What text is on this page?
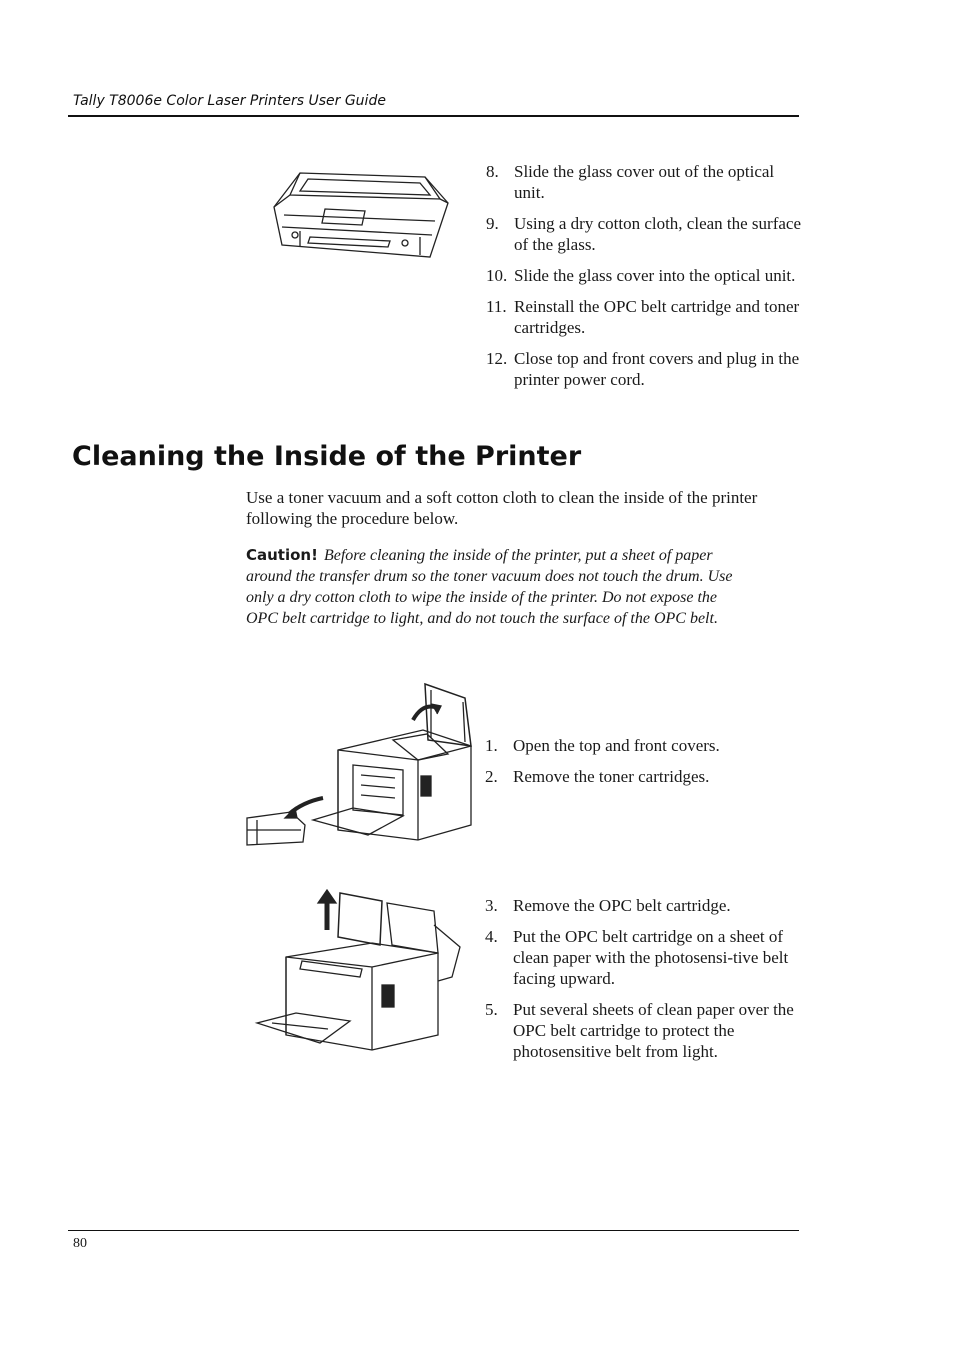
Tally T8006e Color Laser Printers User Guide
8. Slide the glass cover out of the optical unit.
9. Using a dry cotton cloth, clean the surface of the glass.
10. Slide the glass cover into the optical unit.
11. Reinstall the OPC belt cartridge and toner cartridges.
12. Close top and front covers and plug in the printer power cord.
Cleaning the Inside of the Printer

Use a toner vacuum and a soft cotton cloth to clean the inside of the printer following the procedure below.

Caution! Before cleaning the inside of the printer, put a sheet of paper around the transfer drum so the toner vacuum does not touch the drum. Use only a dry cotton cloth to wipe the inside of the printer. Do not expose the OPC belt cartridge to light, and do not touch the surface of the OPC belt.

1. Open the top and front covers.
2. Remove the toner cartridges.
3. Remove the OPC belt cartridge.
4. Put the OPC belt cartridge on a sheet of clean paper with the photosensi-tive belt facing upward.
5. Put several sheets of clean paper over the OPC belt cartridge to protect the photosensitive belt from light.
80
